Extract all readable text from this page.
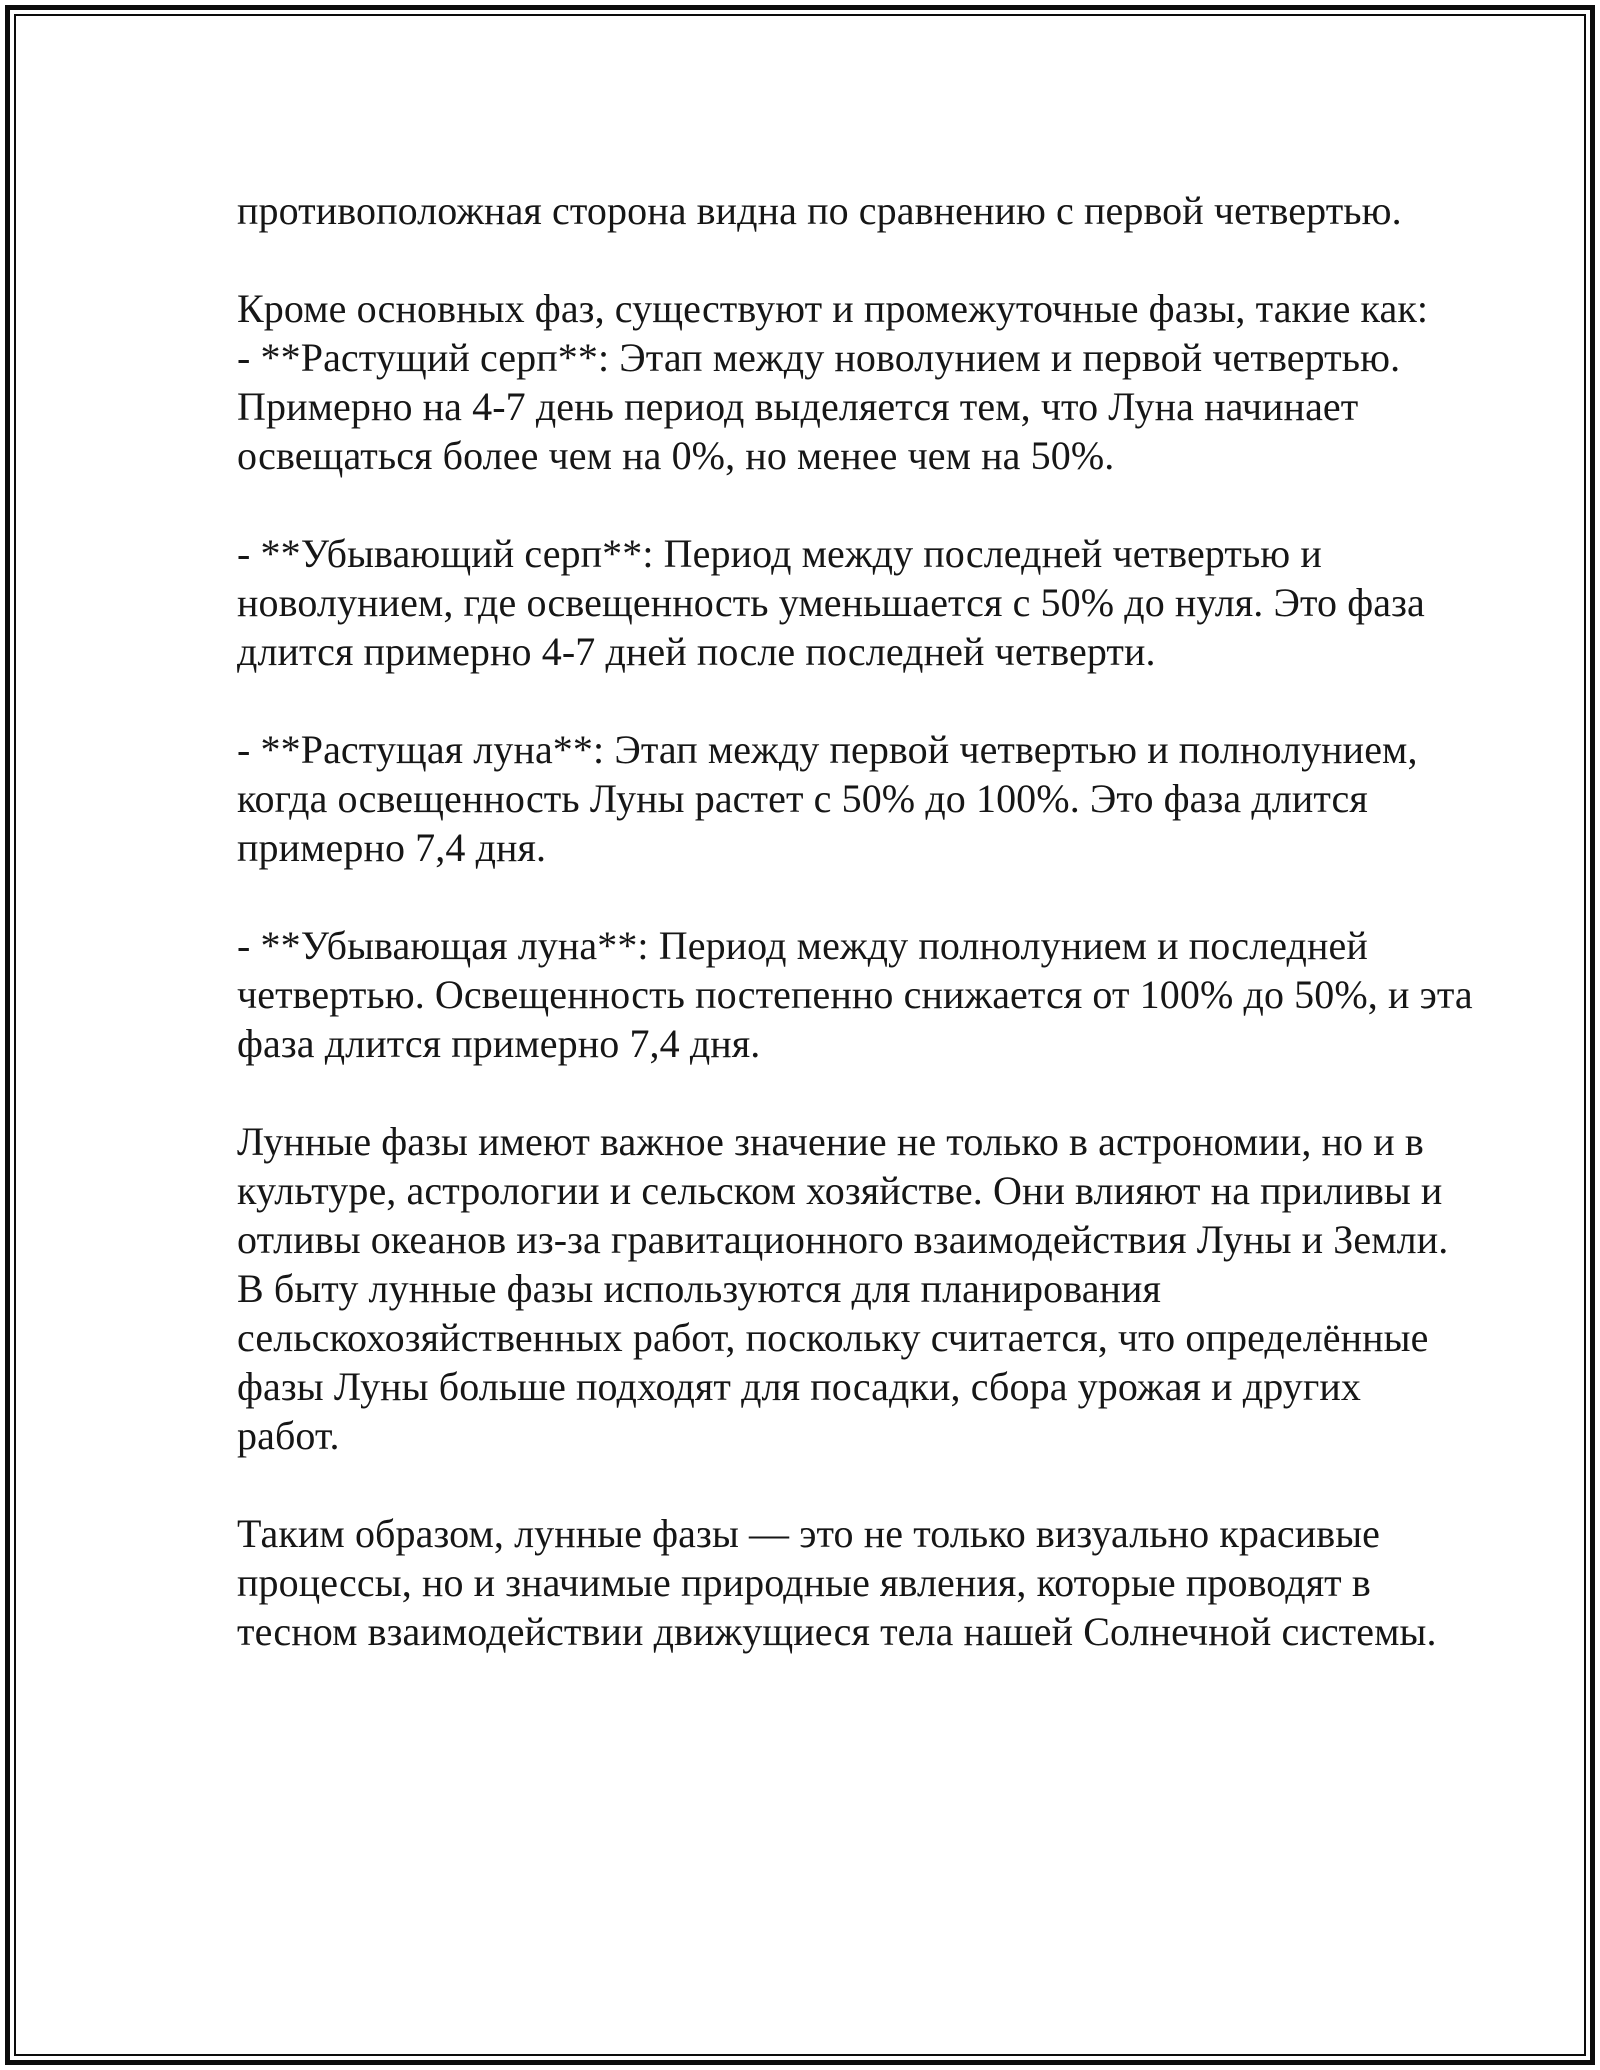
противоположная сторона видна по сравнению с первой четвертью.

Кроме основных фаз, существуют и промежуточные фазы, такие как:
- **Растущий серп**: Этап между новолунием и первой четвертью.
Примерно на 4-7 день период выделяется тем, что Луна начинает
освещаться более чем на 0%, но менее чем на 50%.

- **Убывающий серп**: Период между последней четвертью и
новолунием, где освещенность уменьшается с 50% до нуля. Это фаза
длится примерно 4-7 дней после последней четверти.

- **Растущая луна**: Этап между первой четвертью и полнолунием,
когда освещенность Луны растет с 50% до 100%. Это фаза длится
примерно 7,4 дня.

- **Убывающая луна**: Период между полнолунием и последней
четвертью. Освещенность постепенно снижается от 100% до 50%, и эта
фаза длится примерно 7,4 дня.

Лунные фазы имеют важное значение не только в астрономии, но и в
культуре, астрологии и сельском хозяйстве. Они влияют на приливы и
отливы океанов из-за гравитационного взаимодействия Луны и Земли.
В быту лунные фазы используются для планирования
сельскохозяйственных работ, поскольку считается, что определённые
фазы Луны больше подходят для посадки, сбора урожая и других
работ.

Таким образом, лунные фазы — это не только визуально красивые
процессы, но и значимые природные явления, которые проводят в
тесном взаимодействии движущиеся тела нашей Солнечной системы.
